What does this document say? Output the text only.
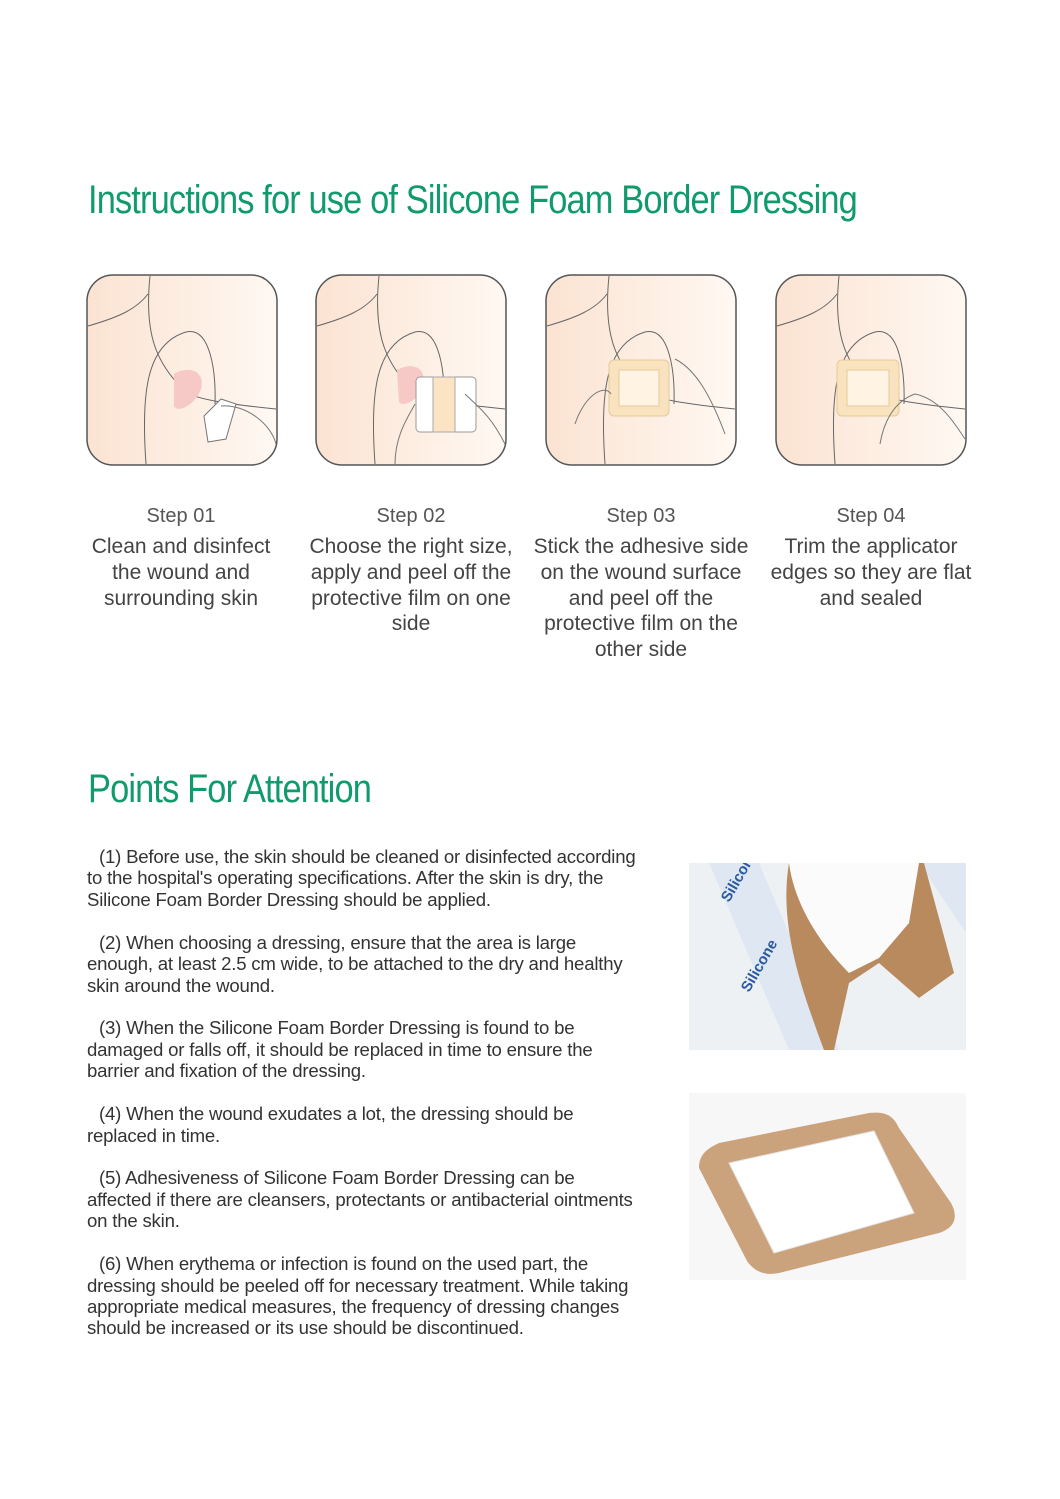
Instructions for use of Silicone Foam Border Dressing
Step 01
Clean and disinfect the wound and surrounding skin
Step 02
Choose the right size, apply and peel off the protective film on one side
Step 03
Stick the adhesive side on the wound surface and peel off the protective film on the other side
Step 04
Trim the applicator edges so they are flat and sealed
Points For Attention

(1) Before use, the skin should be cleaned or disinfected according to the hospital's operating specifications. After the skin is dry, the Silicone Foam Border Dressing should be applied.

(2) When choosing a dressing, ensure that the area is large enough, at least 2.5 cm wide, to be attached to the dry and healthy skin around the wound.

(3) When the Silicone Foam Border Dressing is found to be damaged or falls off, it should be replaced in time to ensure the barrier and fixation of the dressing.

(4) When the wound exudates a lot, the dressing should be replaced in time.

(5) Adhesiveness of Silicone Foam Border Dressing can be affected if there are cleansers, protectants or antibacterial ointments on the skin.

(6) When erythema or infection is found on the used part, the dressing should be peeled off for necessary treatment. While taking appropriate medical measures, the frequency of dressing changes should be increased or its use should be discontinued.

Silicone
Silicone
